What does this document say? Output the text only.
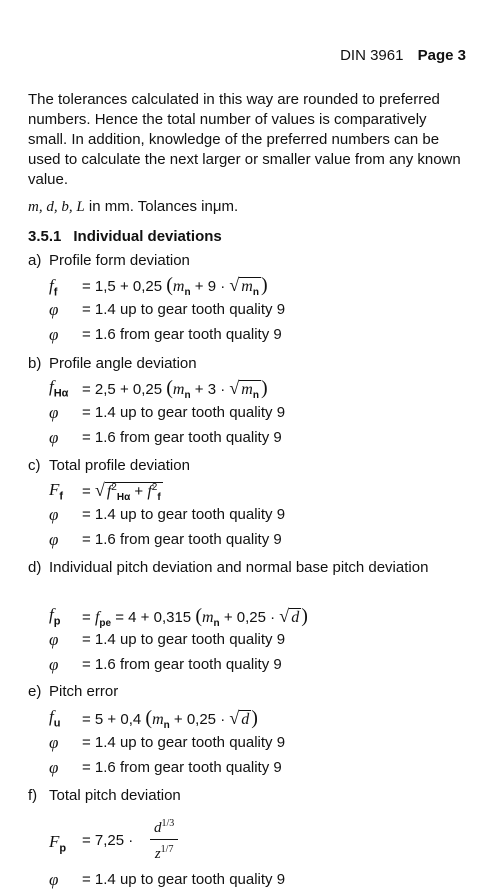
DIN 3961 Page 3
The tolerances calculated in this way are rounded to preferred numbers. Hence the total number of values is comparatively small. In addition, knowledge of the preferred numbers can be used to calculate the next larger or smaller value from any known value.
m, d, b, L in mm. Tolances inμm.
3.5.1 Individual deviations
a) Profile form deviation
$f_f = 1,5 + 0,25$ ($m_n + 9$ · √ $m_n$ )
φ = 1.4 up to gear tooth quality 9
φ = 1.6 from gear tooth quality 9
b) Profile angle deviation
$f_{H\alpha} = 2,5 + 0,25$ ($m_n + 3$ · √ $m_n$ )
φ = 1.4 up to gear tooth quality 9
φ = 1.6 from gear tooth quality 9
c) Total profile deviation
$F_f$ = √ $f^2_{H\alpha} + f^2_f$
φ = 1.4 up to gear tooth quality 9
φ = 1.6 from gear tooth quality 9
d) Individual pitch deviation and normal base pitch deviation
$f_p = f_{pe} = 4 + 0,315$ ($m_n + 0,25$ · √ d )
φ = 1.4 up to gear tooth quality 9
φ = 1.6 from gear tooth quality 9
e) Pitch error
$f_u = 5 + 0,4$ ($m_n + 0,25$ · √ d )
φ = 1.4 up to gear tooth quality 9
φ = 1.6 from gear tooth quality 9
f) Total pitch deviation
$F_p = 7,25 \cdot \frac{d^{1/3}}{z^{1/7}}$
φ = 1.4 up to gear tooth quality 9
